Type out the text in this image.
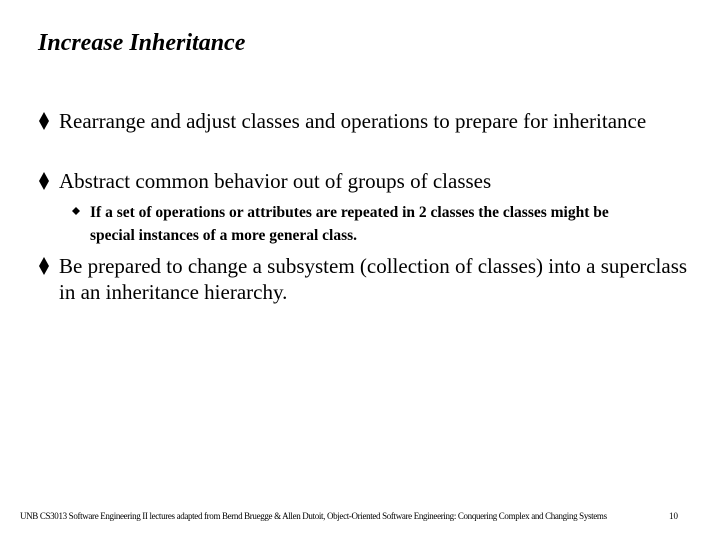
Increase Inheritance
Rearrange and adjust classes and operations to prepare for inheritance
Abstract common behavior out of groups of classes
If a set of operations or attributes are repeated in 2 classes the classes might be special instances of a more general class.
Be prepared to change a subsystem (collection of classes) into a superclass in an inheritance hierarchy.
UNB CS3013 Software Engineering II lectures adapted from Bernd Bruegge & Allen Dutoit, Object-Oriented Software Engineering: Conquering Complex and Changing Systems	10
